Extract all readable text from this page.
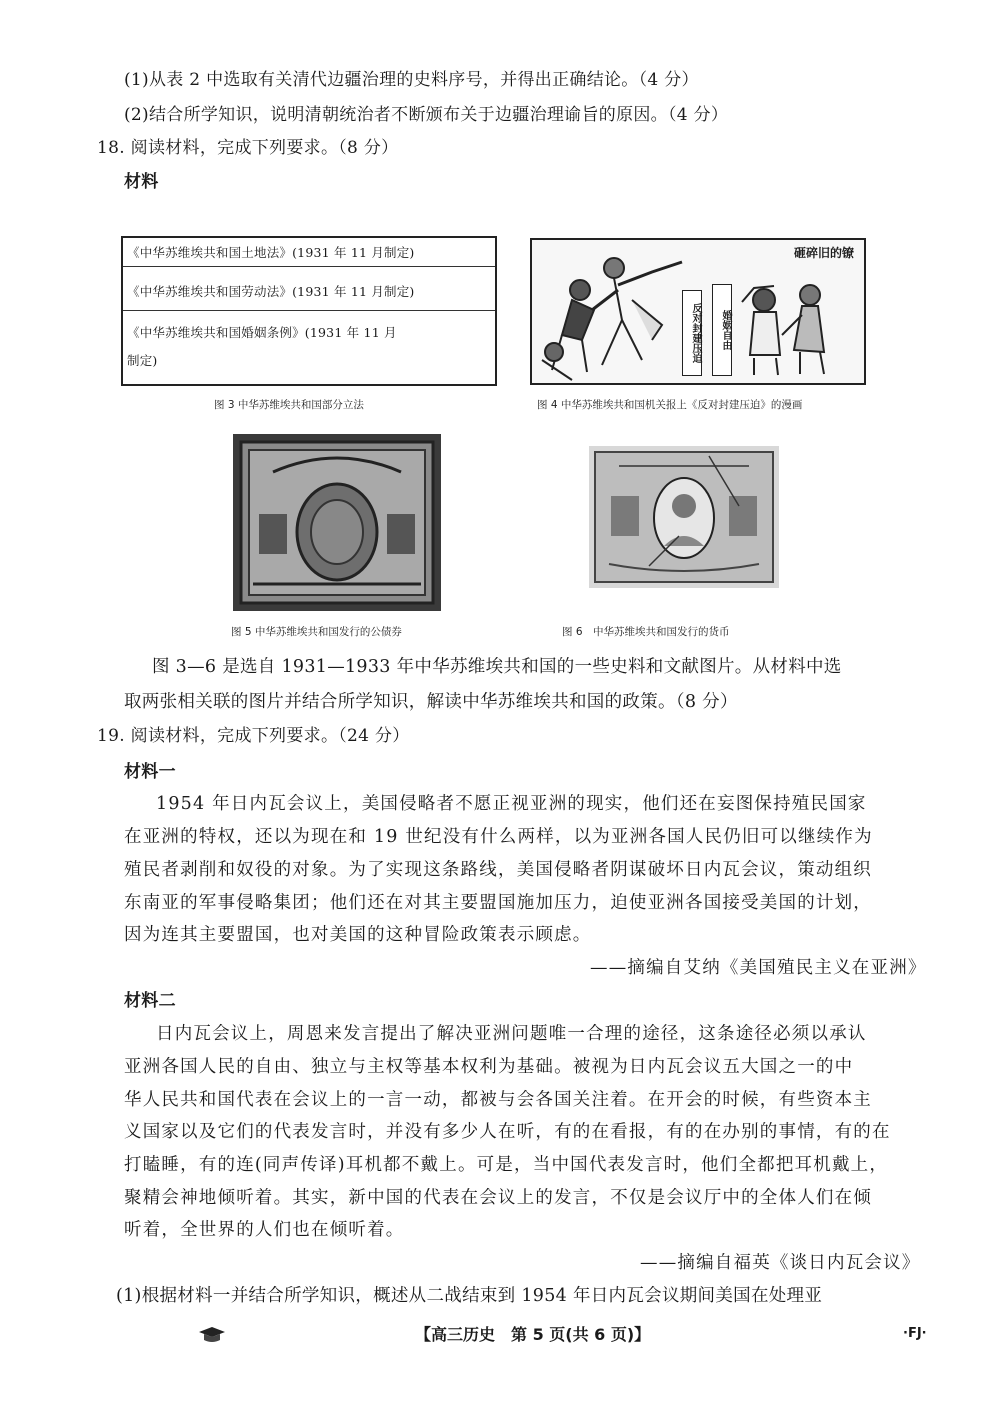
(1)从表 2 中选取有关清代边疆治理的史料序号，并得出正确结论。（4 分）
(2)结合所学知识，说明清朝统治者不断颁布关于边疆治理谕旨的原因。（4 分）
18. 阅读材料，完成下列要求。（8 分）
材料
《中华苏维埃共和国土地法》(1931 年 11 月制定)
《中华苏维埃共和国劳动法》(1931 年 11 月制定)
《中华苏维埃共和国婚姻条例》(1931 年 11 月
制定)
图 3 中华苏维埃共和国部分立法
砸碎旧的镣
反对封建压迫	婚姻自由
图 4 中华苏维埃共和国机关报上《反对封建压迫》的漫画
图 5 中华苏维埃共和国发行的公债券	图 6　中华苏维埃共和国发行的货币
图 3—6 是选自 1931—1933 年中华苏维埃共和国的一些史料和文献图片。从材料中选
取两张相关联的图片并结合所学知识，解读中华苏维埃共和国的政策。（8 分）
19. 阅读材料，完成下列要求。（24 分）
材料一
1954 年日内瓦会议上，美国侵略者不愿正视亚洲的现实，他们还在妄图保持殖民国家
在亚洲的特权，还以为现在和 19 世纪没有什么两样，以为亚洲各国人民仍旧可以继续作为
殖民者剥削和奴役的对象。为了实现这条路线，美国侵略者阴谋破坏日内瓦会议，策动组织
东南亚的军事侵略集团；他们还在对其主要盟国施加压力，迫使亚洲各国接受美国的计划，
因为连其主要盟国，也对美国的这种冒险政策表示顾虑。
——摘编自艾纳《美国殖民主义在亚洲》
材料二
日内瓦会议上，周恩来发言提出了解决亚洲问题唯一合理的途径，这条途径必须以承认
亚洲各国人民的自由、独立与主权等基本权利为基础。被视为日内瓦会议五大国之一的中
华人民共和国代表在会议上的一言一动，都被与会各国关注着。在开会的时候，有些资本主
义国家以及它们的代表发言时，并没有多少人在听，有的在看报，有的在办别的事情，有的在
打瞌睡，有的连(同声传译)耳机都不戴上。可是，当中国代表发言时，他们全都把耳机戴上，
聚精会神地倾听着。其实，新中国的代表在会议上的发言，不仅是会议厅中的全体人们在倾
听着，全世界的人们也在倾听着。
——摘编自福英《谈日内瓦会议》
(1)根据材料一并结合所学知识，概述从二战结束到 1954 年日内瓦会议期间美国在处理亚
【高三历史　第 5 页(共 6 页)】	·FJ·
